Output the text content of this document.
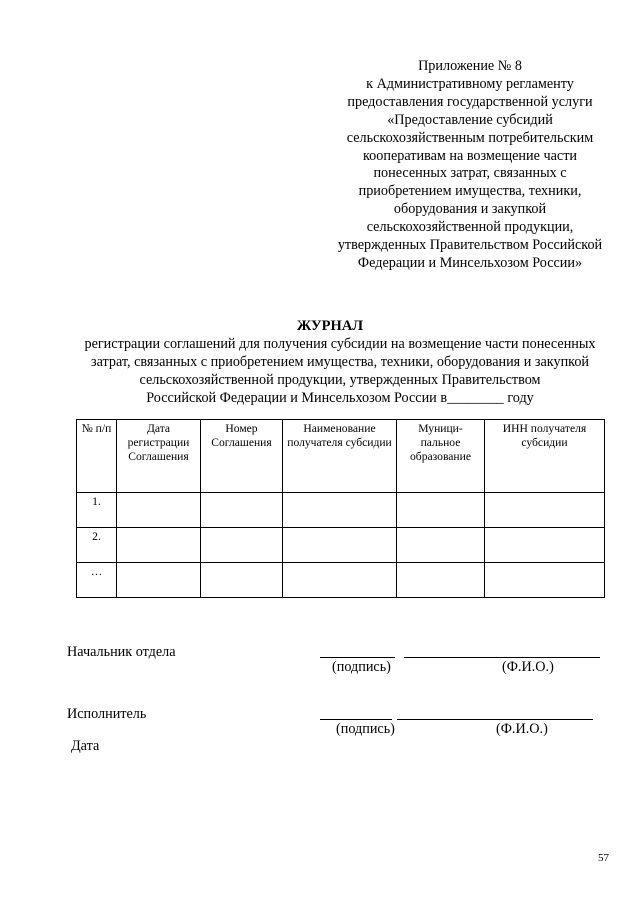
Приложение № 8
к Административному регламенту
предоставления государственной услуги
«Предоставление субсидий
сельскохозяйственным потребительским
кооперативам на возмещение части
понесенных затрат, связанных с
приобретением имущества, техники,
оборудования и закупкой
сельскохозяйственной продукции,
утвержденных Правительством Российской
Федерации и Минсельхозом России»
ЖУРНАЛ
регистрации соглашений для получения субсидии на возмещение части понесенных
затрат, связанных с приобретением имущества, техники, оборудования и закупкой
сельскохозяйственной продукции, утвержденных Правительством
Российской Федерации и Минсельхозом России в________ году
№ п/п	Дата регистрации Соглашения	Номер Соглашения	Наименование получателя субсидии	Муници-пальное образование	ИНН получателя субсидии
1.					
2.					
…					
Начальник отдела
(подпись)	(Ф.И.О.)
Исполнитель
(подпись)	(Ф.И.О.)
Дата
57
